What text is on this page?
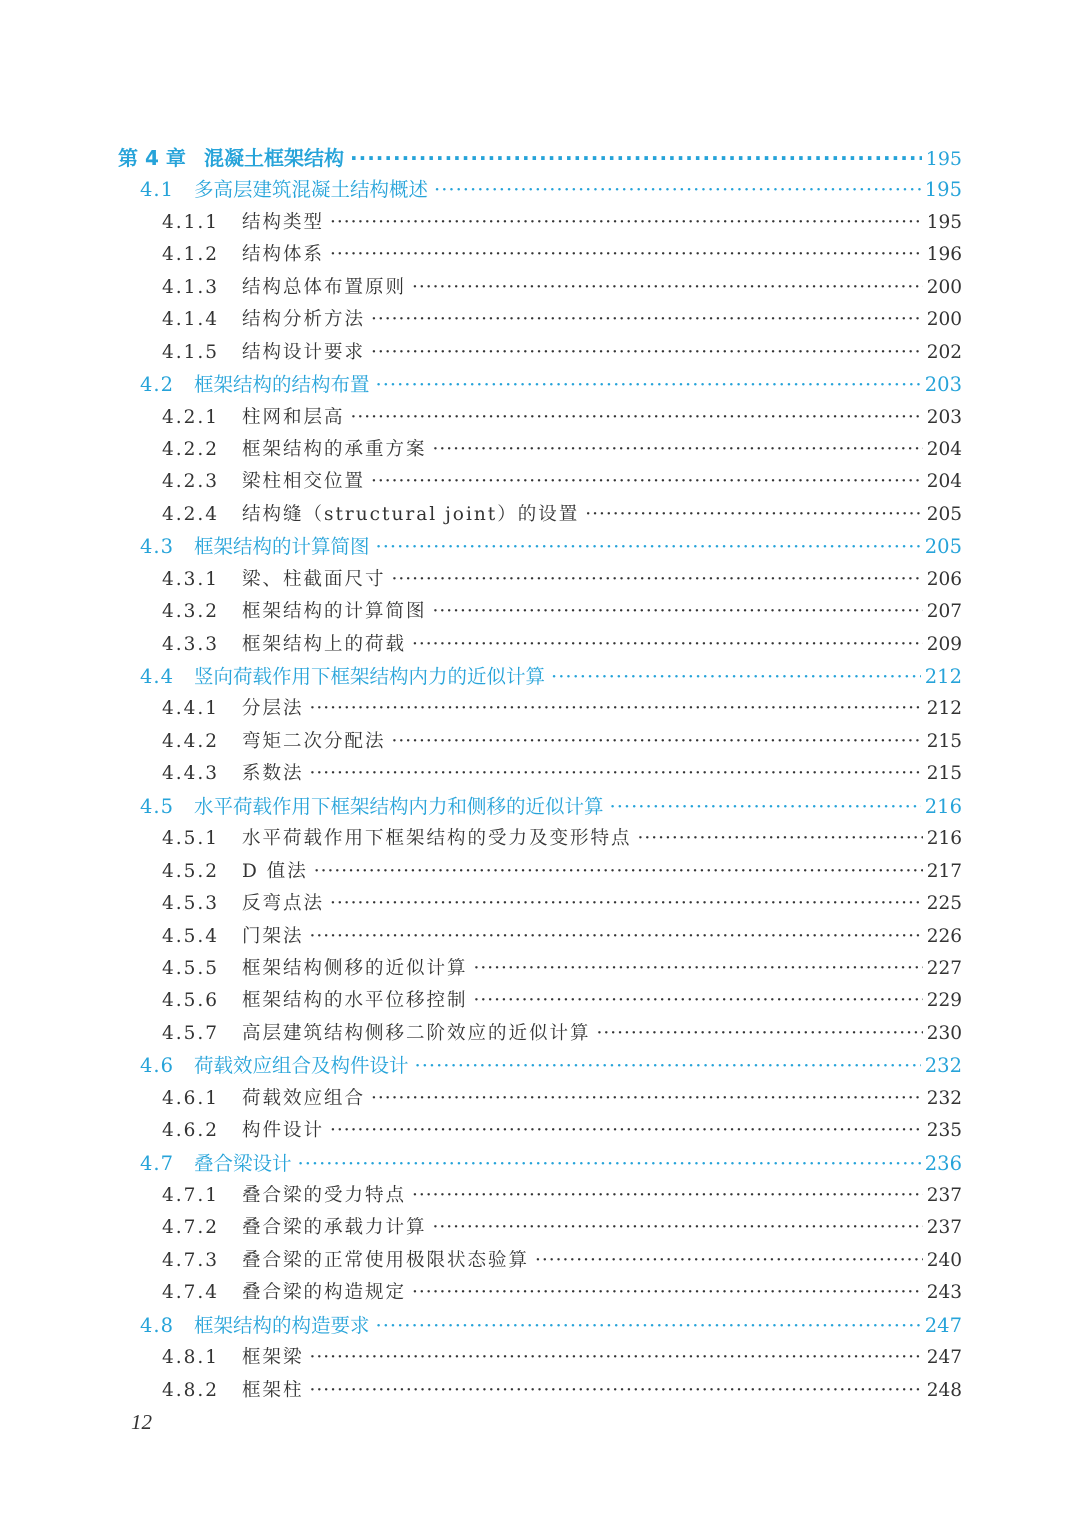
第 4 章 混凝土框架结构 ·····	195
4.1	多高层建筑混凝土结构概述 ·····	195
4.1.1	结构类型 ·····	195
4.1.2	结构体系 ·····	196
4.1.3	结构总体布置原则 ·····	200
4.1.4	结构分析方法 ·····	200
4.1.5	结构设计要求 ·····	202
4.2	框架结构的结构布置 ·····	203
4.2.1	柱网和层高 ·····	203
4.2.2	框架结构的承重方案 ·····	204
4.2.3	梁柱相交位置 ·····	204
4.2.4	结构缝（structural joint）的设置 ·····	205
4.3	框架结构的计算简图 ·····	205
4.3.1	梁、柱截面尺寸 ·····	206
4.3.2	框架结构的计算简图 ·····	207
4.3.3	框架结构上的荷载 ·····	209
4.4	竖向荷载作用下框架结构内力的近似计算 ·····	212
4.4.1	分层法 ·····	212
4.4.2	弯矩二次分配法 ·····	215
4.4.3	系数法 ·····	215
4.5	水平荷载作用下框架结构内力和侧移的近似计算 ·····	216
4.5.1	水平荷载作用下框架结构的受力及变形特点 ·····	216
4.5.2	D 值法 ·····	217
4.5.3	反弯点法 ·····	225
4.5.4	门架法 ·····	226
4.5.5	框架结构侧移的近似计算 ·····	227
4.5.6	框架结构的水平位移控制 ·····	229
4.5.7	高层建筑结构侧移二阶效应的近似计算 ·····	230
4.6	荷载效应组合及构件设计 ·····	232
4.6.1	荷载效应组合 ·····	232
4.6.2	构件设计 ·····	235
4.7	叠合梁设计 ·····	236
4.7.1	叠合梁的受力特点 ·····	237
4.7.2	叠合梁的承载力计算 ·····	237
4.7.3	叠合梁的正常使用极限状态验算 ·····	240
4.7.4	叠合梁的构造规定 ·····	243
4.8	框架结构的构造要求 ·····	247
4.8.1	框架梁 ·····	247
4.8.2	框架柱 ·····	248
12
